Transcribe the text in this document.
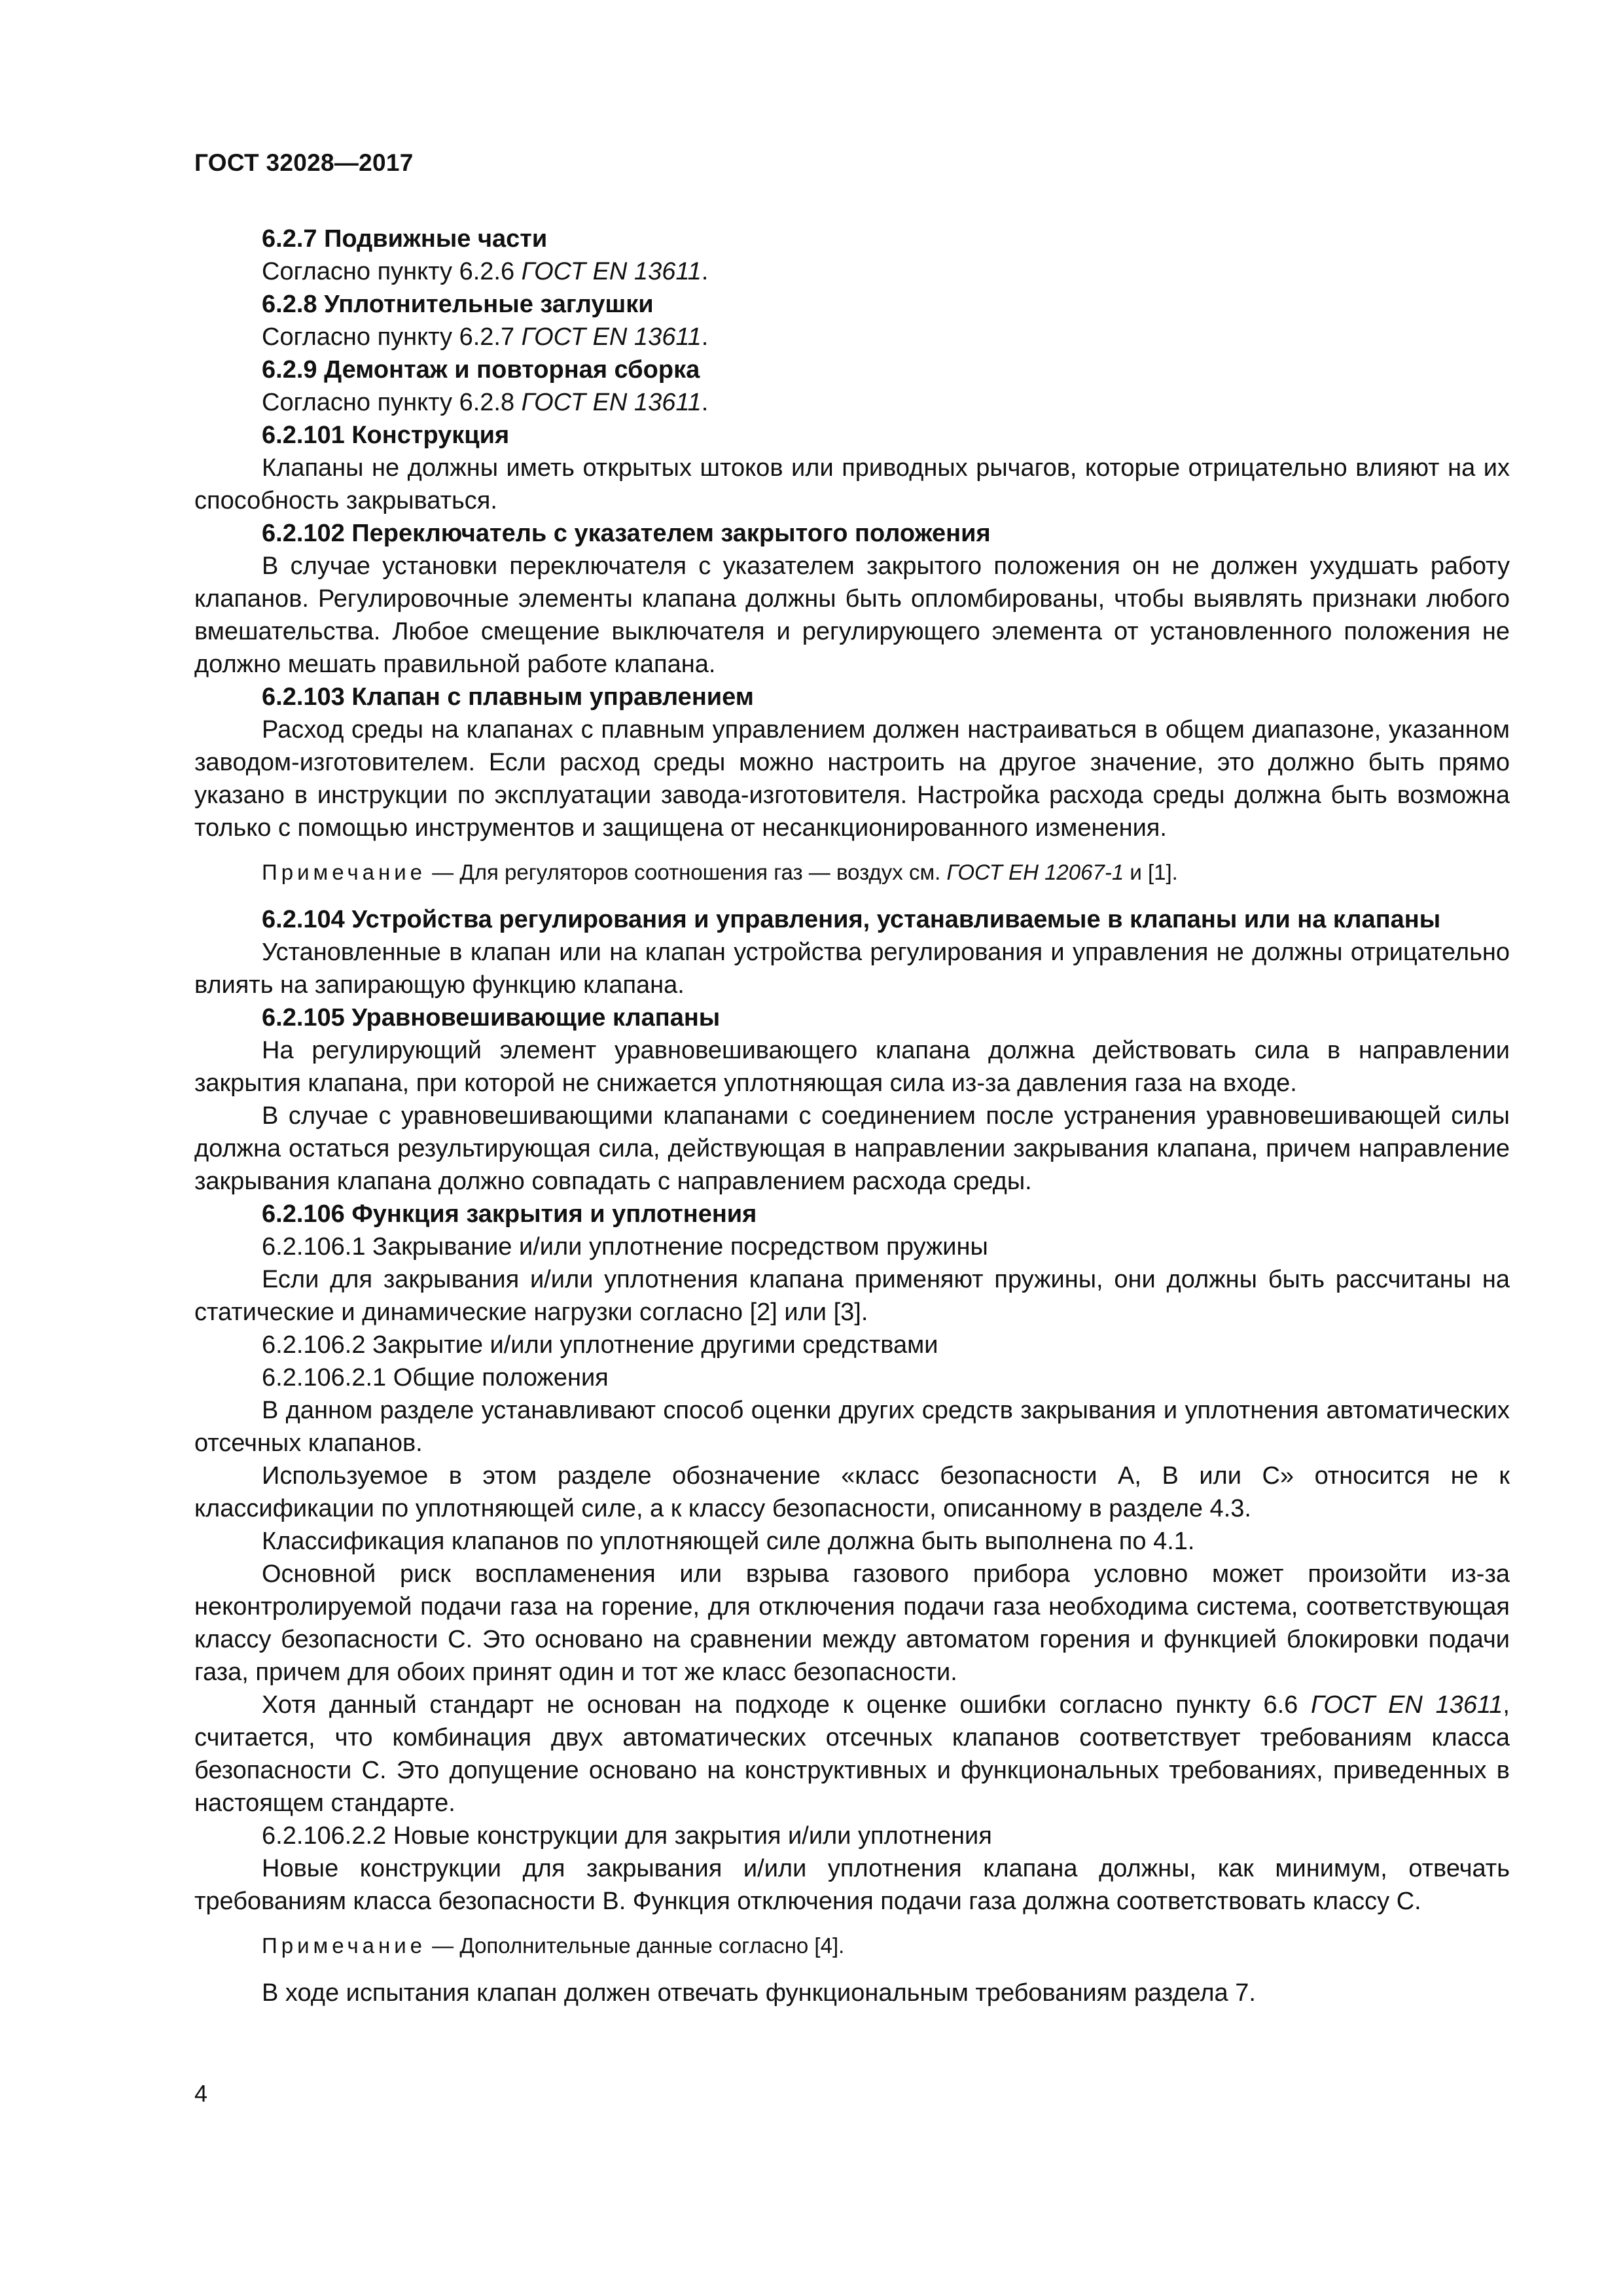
ГОСТ 32028—2017

6.2.7 Подвижные части

Согласно пункту 6.2.6 ГОСТ EN 13611.

6.2.8 Уплотнительные заглушки

Согласно пункту 6.2.7 ГОСТ EN 13611.

6.2.9 Демонтаж и повторная сборка

Согласно пункту 6.2.8 ГОСТ EN 13611.

6.2.101 Конструкция

Клапаны не должны иметь открытых штоков или приводных рычагов, которые отрицательно влияют на их способность закрываться.

6.2.102 Переключатель с указателем закрытого положения

В случае установки переключателя с указателем закрытого положения он не должен ухудшать работу клапанов. Регулировочные элементы клапана должны быть опломбированы, чтобы выявлять признаки любого вмешательства. Любое смещение выключателя и регулирующего элемента от установленного положения не должно мешать правильной работе клапана.

6.2.103 Клапан с плавным управлением

Расход среды на клапанах с плавным управлением должен настраиваться в общем диапазоне, указанном заводом-изготовителем. Если расход среды можно настроить на другое значение, это должно быть прямо указано в инструкции по эксплуатации завода-изготовителя. Настройка расхода среды должна быть возможна только с помощью инструментов и защищена от несанкционированного изменения.

Примечание — Для регуляторов соотношения газ — воздух см. ГОСТ EH 12067-1 и [1].

6.2.104 Устройства регулирования и управления, устанавливаемые в клапаны или на клапаны

Установленные в клапан или на клапан устройства регулирования и управления не должны отрицательно влиять на запирающую функцию клапана.

6.2.105 Уравновешивающие клапаны

На регулирующий элемент уравновешивающего клапана должна действовать сила в направлении закрытия клапана, при которой не снижается уплотняющая сила из-за давления газа на входе.

В случае с уравновешивающими клапанами с соединением после устранения уравновешивающей силы должна остаться результирующая сила, действующая в направлении закрывания клапана, причем направление закрывания клапана должно совпадать с направлением расхода среды.

6.2.106 Функция закрытия и уплотнения

6.2.106.1 Закрывание и/или уплотнение посредством пружины

Если для закрывания и/или уплотнения клапана применяют пружины, они должны быть рассчитаны на статические и динамические нагрузки согласно [2] или [3].

6.2.106.2 Закрытие и/или уплотнение другими средствами

6.2.106.2.1 Общие положения

В данном разделе устанавливают способ оценки других средств закрывания и уплотнения автоматических отсечных клапанов.

Используемое в этом разделе обозначение «класс безопасности A, B или C» относится не к классификации по уплотняющей силе, а к классу безопасности, описанному в разделе 4.3.

Классификация клапанов по уплотняющей силе должна быть выполнена по 4.1.

Основной риск воспламенения или взрыва газового прибора условно может произойти из-за неконтролируемой подачи газа на горение, для отключения подачи газа необходима система, соответствующая классу безопасности C. Это основано на сравнении между автоматом горения и функцией блокировки подачи газа, причем для обоих принят один и тот же класс безопасности.

Хотя данный стандарт не основан на подходе к оценке ошибки согласно пункту 6.6 ГОСТ EN 13611, считается, что комбинация двух автоматических отсечных клапанов соответствует требованиям класса безопасности C. Это допущение основано на конструктивных и функциональных требованиях, приведенных в настоящем стандарте.

6.2.106.2.2 Новые конструкции для закрытия и/или уплотнения

Новые конструкции для закрывания и/или уплотнения клапана должны, как минимум, отвечать требованиям класса безопасности B. Функция отключения подачи газа должна соответствовать классу C.

Примечание — Дополнительные данные согласно [4].

В ходе испытания клапан должен отвечать функциональным требованиям раздела 7.

4
